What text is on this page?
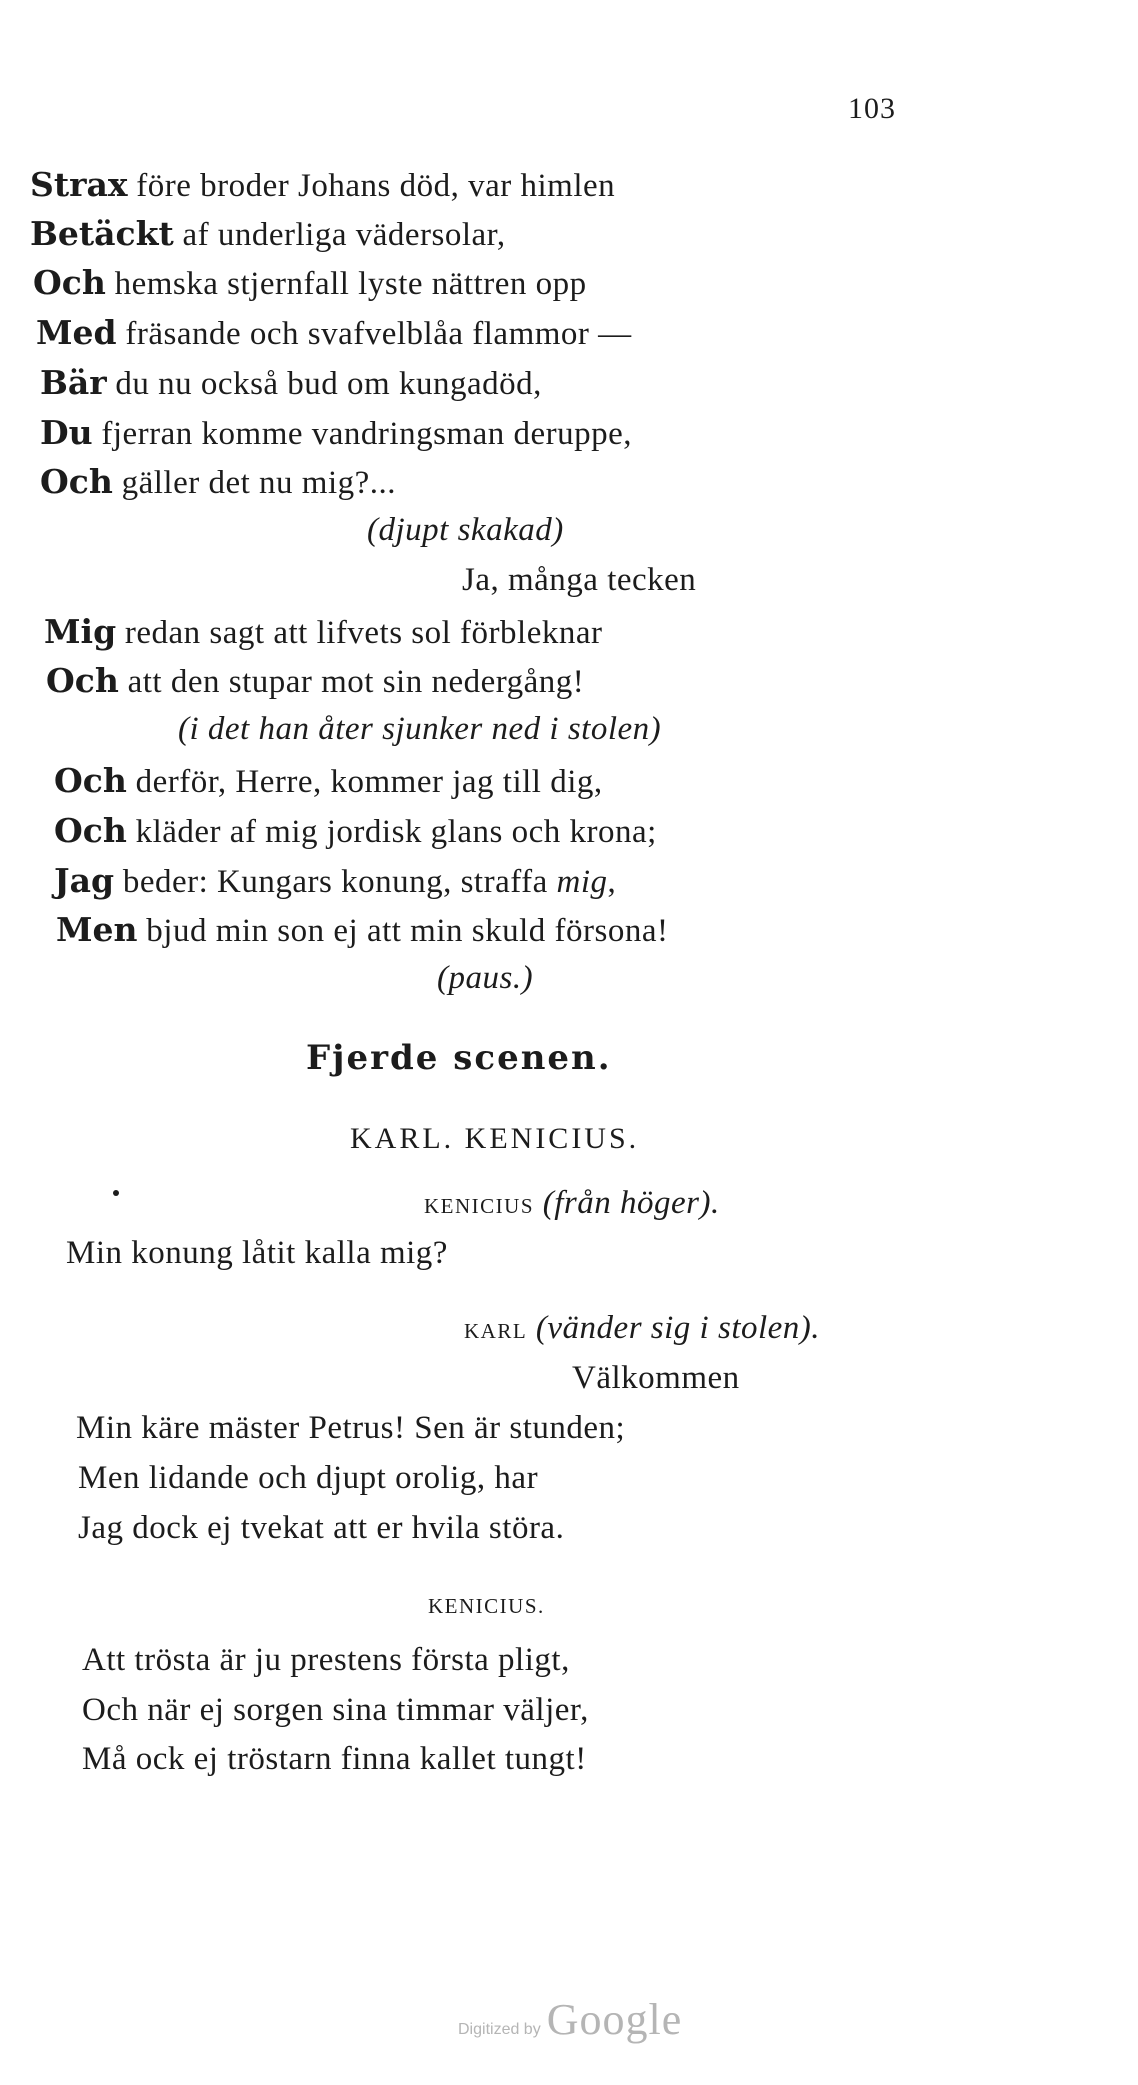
103
Strax före broder Johans död, var himlen
Betäckt af underliga vädersolar,
Och hemska stjernfall lyste nättren opp
Med fräsande och svafvelblåa flammor —
Bär du nu också bud om kungadöd,
Du fjerran komme vandringsman deruppe,
Och gäller det nu mig?...
(djupt skakad)
Ja, många tecken
Mig redan sagt att lifvets sol förbleknar
Och att den stupar mot sin nedergång!
(i det han åter sjunker ned i stolen)
Och derför, Herre, kommer jag till dig,
Och kläder af mig jordisk glans och krona;
Jag beder: Kungars konung, straffa mig,
Men bjud min son ej att min skuld försona!
(paus.)
Fjerde scenen.
KARL. KENICIUS.
KENICIUS (från höger).
Min konung låtit kalla mig?
KARL (vänder sig i stolen).
Välkommen
Min käre mäster Petrus! Sen är stunden;
Men lidande och djupt orolig, har
Jag dock ej tvekat att er hvila störa.
KENICIUS.
Att trösta är ju prestens första pligt,
Och när ej sorgen sina timmar väljer,
Må ock ej tröstarn finna kallet tungt!
Digitized by Google
